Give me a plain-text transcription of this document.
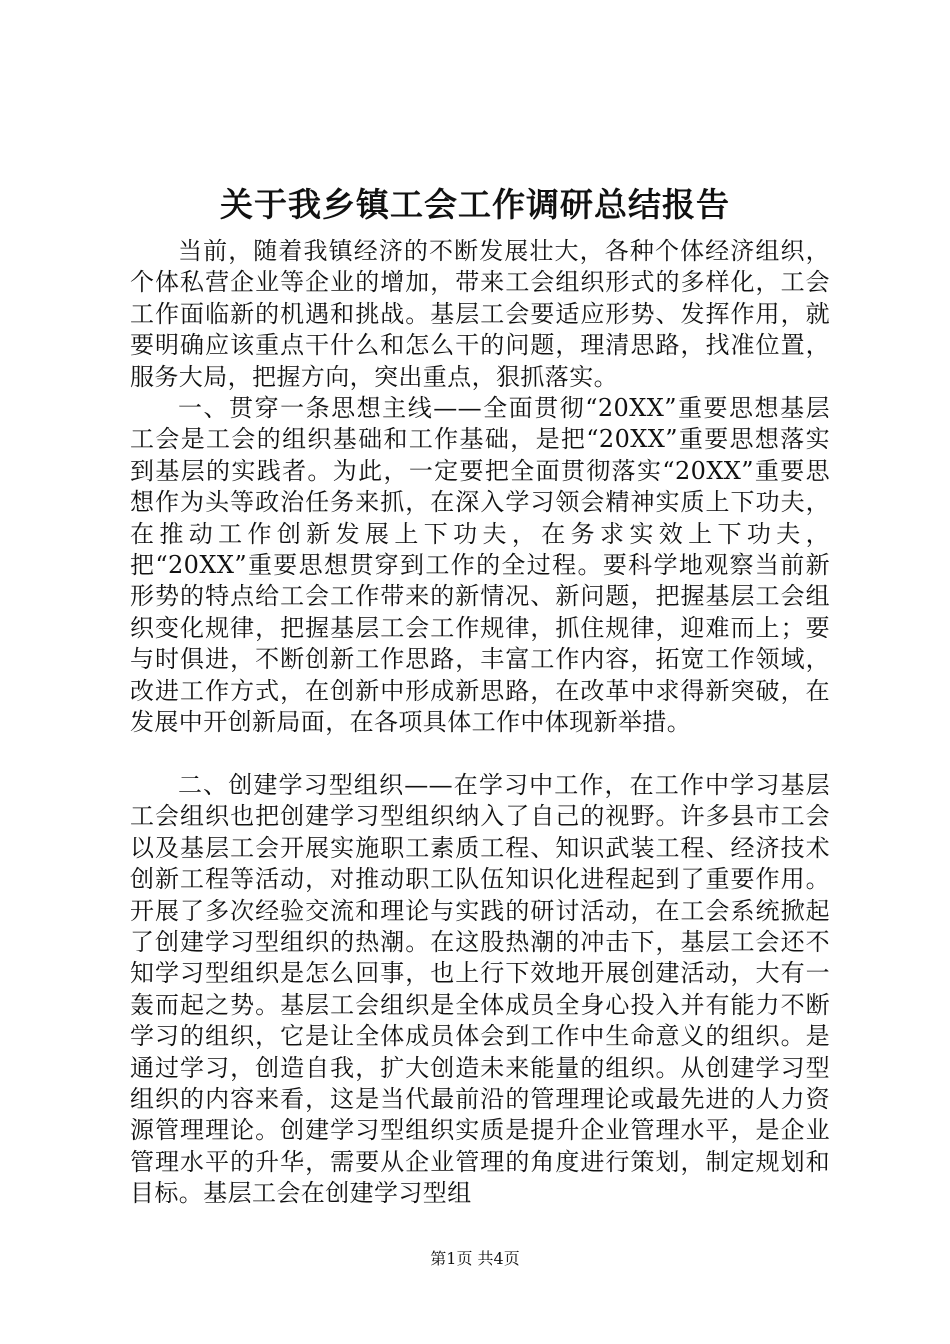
关于我乡镇工会工作调研总结报告

当前，随着我镇经济的不断发展壮大，各种个体经济组织，个体私营企业等企业的增加，带来工会组织形式的多样化，工会工作面临新的机遇和挑战。基层工会要适应形势、发挥作用，就要明确应该重点干什么和怎么干的问题，理清思路，找准位置，服务大局，把握方向，突出重点，狠抓落实。

一、贯穿一条思想主线——全面贯彻“20XX”重要思想基层工会是工会的组织基础和工作基础，是把“20XX”重要思想落实到基层的实践者。为此，一定要把全面贯彻落实“20XX”重要思想作为头等政治任务来抓，在深入学习领会精神实质上下功夫，在推动工作创新发展上下功夫，在务求实效上下功夫，把“20XX”重要思想贯穿到工作的全过程。要科学地观察当前新形势的特点给工会工作带来的新情况、新问题，把握基层工会组织变化规律，把握基层工会工作规律，抓住规律，迎难而上；要与时俱进，不断创新工作思路，丰富工作内容，拓宽工作领域，改进工作方式，在创新中形成新思路，在改革中求得新突破，在发展中开创新局面，在各项具体工作中体现新举措。

二、创建学习型组织——在学习中工作，在工作中学习基层工会组织也把创建学习型组织纳入了自己的视野。许多县市工会以及基层工会开展实施职工素质工程、知识武装工程、经济技术创新工程等活动，对推动职工队伍知识化进程起到了重要作用。开展了多次经验交流和理论与实践的研讨活动，在工会系统掀起了创建学习型组织的热潮。在这股热潮的冲击下，基层工会还不知学习型组织是怎么回事，也上行下效地开展创建活动，大有一轰而起之势。基层工会组织是全体成员全身心投入并有能力不断学习的组织，它是让全体成员体会到工作中生命意义的组织。是通过学习，创造自我，扩大创造未来能量的组织。从创建学习型组织的内容来看，这是当代最前沿的管理理论或最先进的人力资源管理理论。创建学习型组织实质是提升企业管理水平，是企业管理水平的升华，需要从企业管理的角度进行策划，制定规划和目标。基层工会在创建学习型组

第1页 共4页
